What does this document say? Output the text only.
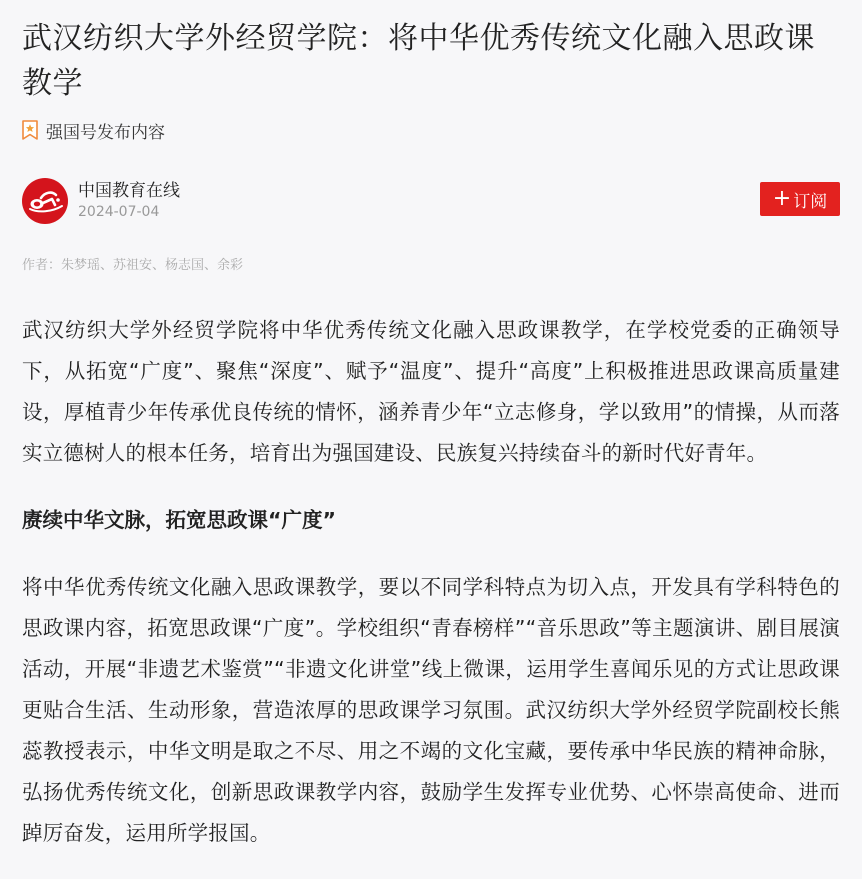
武汉纺织大学外经贸学院：将中华优秀传统文化融入思政课教学
强国号发布内容
中国教育在线
2024-07-04
+ 订阅
作者：朱梦瑶、苏祖安、杨志国、余彩

武汉纺织大学外经贸学院将中华优秀传统文化融入思政课教学，在学校党委的正确领导下，从拓宽“广度”、聚焦“深度”、赋予“温度”、提升“高度”上积极推进思政课高质量建设，厚植青少年传承优良传统的情怀，涵养青少年“立志修身，学以致用”的情操，从而落实立德树人的根本任务，培育出为强国建设、民族复兴持续奋斗的新时代好青年。

赓续中华文脉，拓宽思政课“广度”

将中华优秀传统文化融入思政课教学，要以不同学科特点为切入点，开发具有学科特色的思政课内容，拓宽思政课“广度”。学校组织“青春榜样”“音乐思政”等主题演讲、剧目展演活动，开展“非遗艺术鉴赏”“非遗文化讲堂”线上微课，运用学生喜闻乐见的方式让思政课更贴合生活、生动形象，营造浓厚的思政课学习氛围。武汉纺织大学外经贸学院副校长熊蕊教授表示，中华文明是取之不尽、用之不竭的文化宝藏，要传承中华民族的精神命脉，弘扬优秀传统文化，创新思政课教学内容，鼓励学生发挥专业优势、心怀崇高使命、进而踔厉奋发，运用所学报国。
